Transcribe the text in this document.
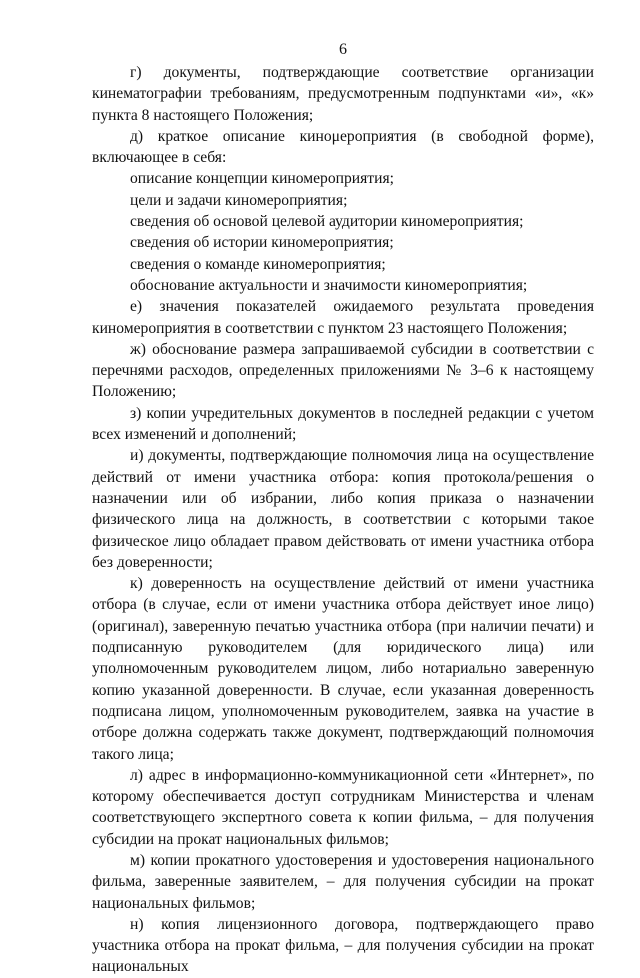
6

г) документы, подтверждающие соответствие организации кинематографии требованиям, предусмотренным подпунктами «и», «к» пункта 8 настоящего Положения;

д) краткое описание кинομероприятия (в свободной форме), включающее в себя:

описание концепции киномероприятия;

цели и задачи киномероприятия;

сведения об основой целевой аудитории киномероприятия;

сведения об истории киномероприятия;

сведения о команде киномероприятия;

обоснование актуальности и значимости киномероприятия;

е) значения показателей ожидаемого результата проведения киномероприятия в соответствии с пунктом 23 настоящего Положения;

ж) обоснование размера запрашиваемой субсидии в соответствии с перечнями расходов, определенных приложениями № 3–6 к настоящему Положению;

з) копии учредительных документов в последней редакции с учетом всех изменений и дополнений;

и) документы, подтверждающие полномочия лица на осуществление действий от имени участника отбора: копия протокола/решения о назначении или об избрании, либо копия приказа о назначении физического лица на должность, в соответствии с которыми такое физическое лицо обладает правом действовать от имени участника отбора без доверенности;

к) доверенность на осуществление действий от имени участника отбора (в случае, если от имени участника отбора действует иное лицо) (оригинал), заверенную печатью участника отбора (при наличии печати) и подписанную руководителем (для юридического лица) или уполномоченным руководителем лицом, либо нотариально заверенную копию указанной доверенности. В случае, если указанная доверенность подписана лицом, уполномоченным руководителем, заявка на участие в отборе должна содержать также документ, подтверждающий полномочия такого лица;

л) адрес в информационно-коммуникационной сети «Интернет», по которому обеспечивается доступ сотрудникам Министерства и членам соответствующего экспертного совета к копии фильма, – для получения субсидии на прокат национальных фильмов;

м) копии прокатного удостоверения и удостоверения национального фильма, заверенные заявителем, – для получения субсидии на прокат национальных фильмов;

н) копия лицензионного договора, подтверждающего право участника отбора на прокат фильма, – для получения субсидии на прокат национальных
